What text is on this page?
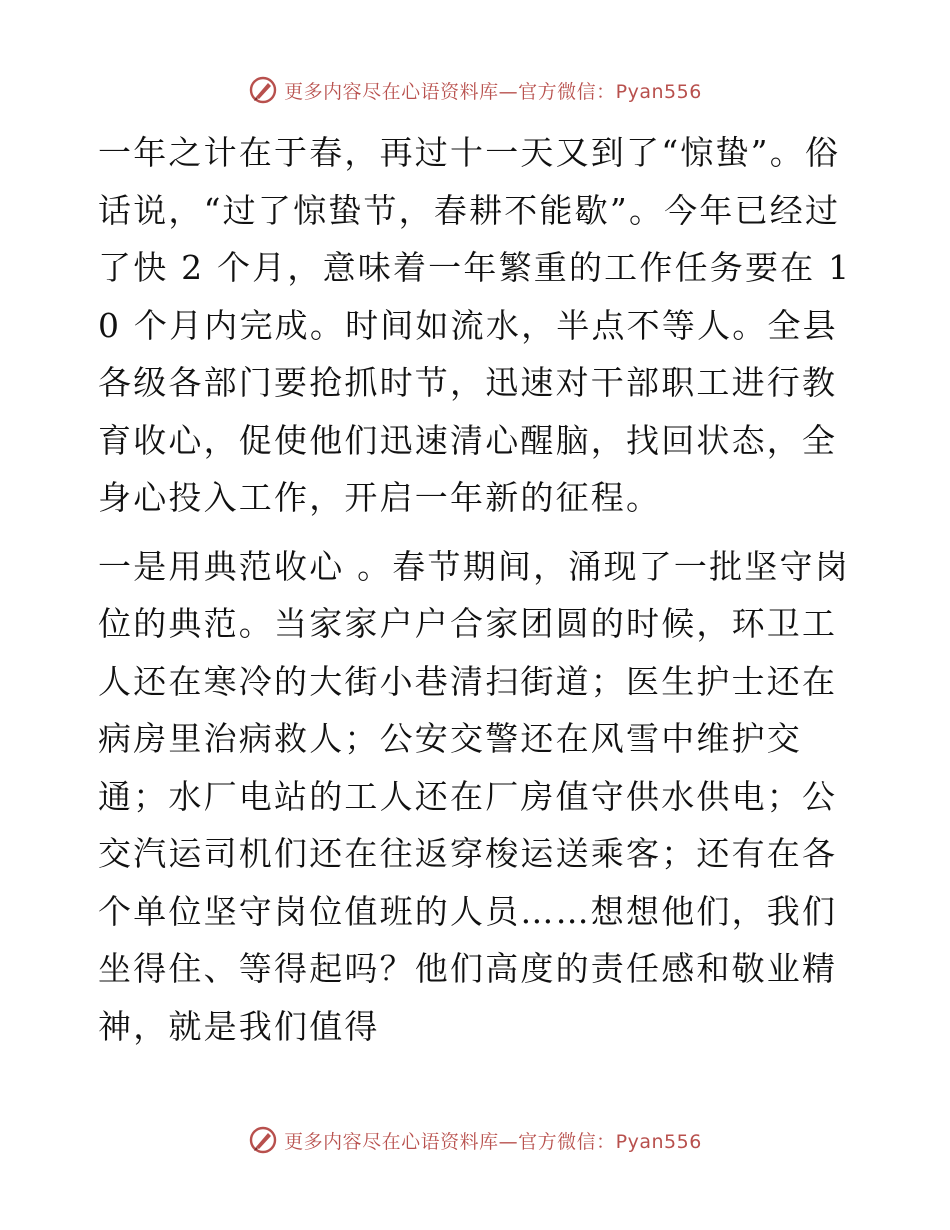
更多内容尽在心语资料库—官方微信：Pyan556

一年之计在于春，再过十一天又到了“惊蛰”。俗话说，“过了惊蛰节，春耕不能歇”。今年已经过了快 2 个月，意味着一年繁重的工作任务要在 10 个月内完成。时间如流水，半点不等人。全县各级各部门要抢抓时节，迅速对干部职工进行教育收心，促使他们迅速清心醒脑，找回状态，全身心投入工作，开启一年新的征程。

一是用典范收心 。春节期间，涌现了一批坚守岗位的典范。当家家户户合家团圆的时候，环卫工人还在寒冷的大街小巷清扫街道；医生护士还在病房里治病救人；公安交警还在风雪中维护交通；水厂电站的工人还在厂房值守供水供电；公交汽运司机们还在往返穿梭运送乘客；还有在各个单位坚守岗位值班的人员……想想他们，我们坐得住、等得起吗？他们高度的责任感和敬业精神，就是我们值得

更多内容尽在心语资料库—官方微信：Pyan556
